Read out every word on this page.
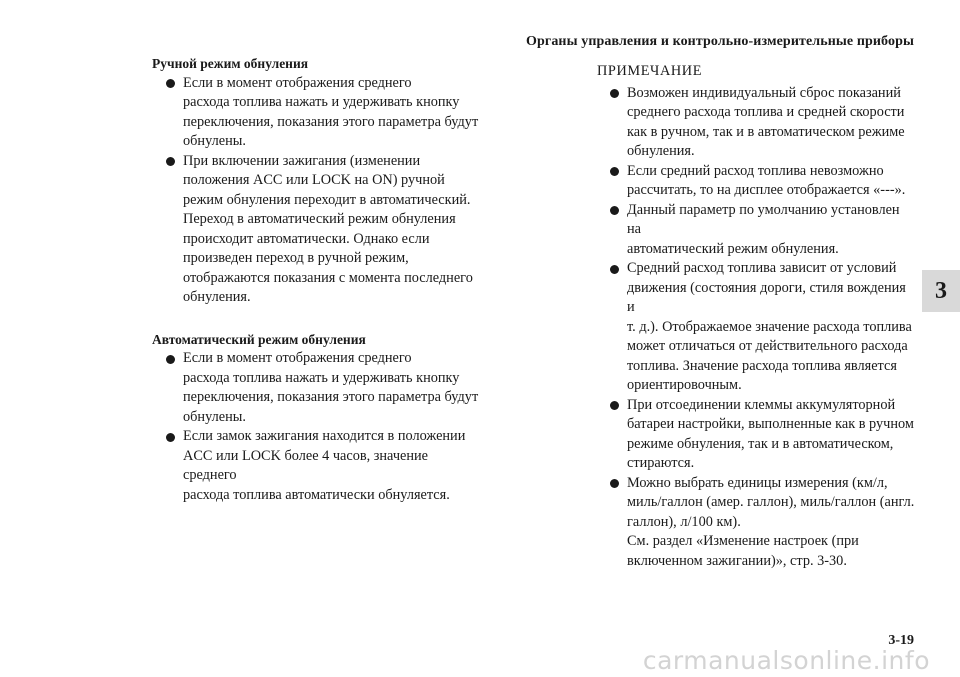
Органы управления и контрольно-измерительные приборы

Ручной режим обнуления

Если в момент отображения среднего
расхода топлива нажать и удерживать кнопку
переключения, показания этого параметра будут
обнулены.
При включении зажигания (изменении
положения ACC или LOCK на ON) ручной
режим обнуления переходит в автоматический.
Переход в автоматический режим обнуления
происходит автоматически. Однако если
произведен переход в ручной режим,
отображаются показания с момента последнего
обнуления.

Автоматический режим обнуления

Если в момент отображения среднего
расхода топлива нажать и удерживать кнопку
переключения, показания этого параметра будут
обнулены.
Если замок зажигания находится в положении
ACC или LOCK более 4 часов, значение среднего
расхода топлива автоматически обнуляется.
ПРИМЕЧАНИЕ
Возможен индивидуальный сброс показаний
среднего расхода топлива и средней скорости
как в ручном, так и в автоматическом режиме
обнуления.
Если средний расход топлива невозможно
рассчитать, то на дисплее отображается «---».
Данный параметр по умолчанию установлен на
автоматический режим обнуления.
Средний расход топлива зависит от условий
движения (состояния дороги, стиля вождения и
т. д.). Отображаемое значение расхода топлива
может отличаться от действительного расхода
топлива. Значение расхода топлива является
ориентировочным.
При отсоединении клеммы аккумуляторной
батареи настройки, выполненные как в ручном
режиме обнуления, так и в автоматическом,
стираются.
Можно выбрать единицы измерения (км/л,
миль/галлон (амер. галлон), миль/галлон (англ.
галлон), л/100 км).
См. раздел «Изменение настроек (при
включенном зажигании)», стр. 3-30.
3
3-19
carmanualsonline.info
